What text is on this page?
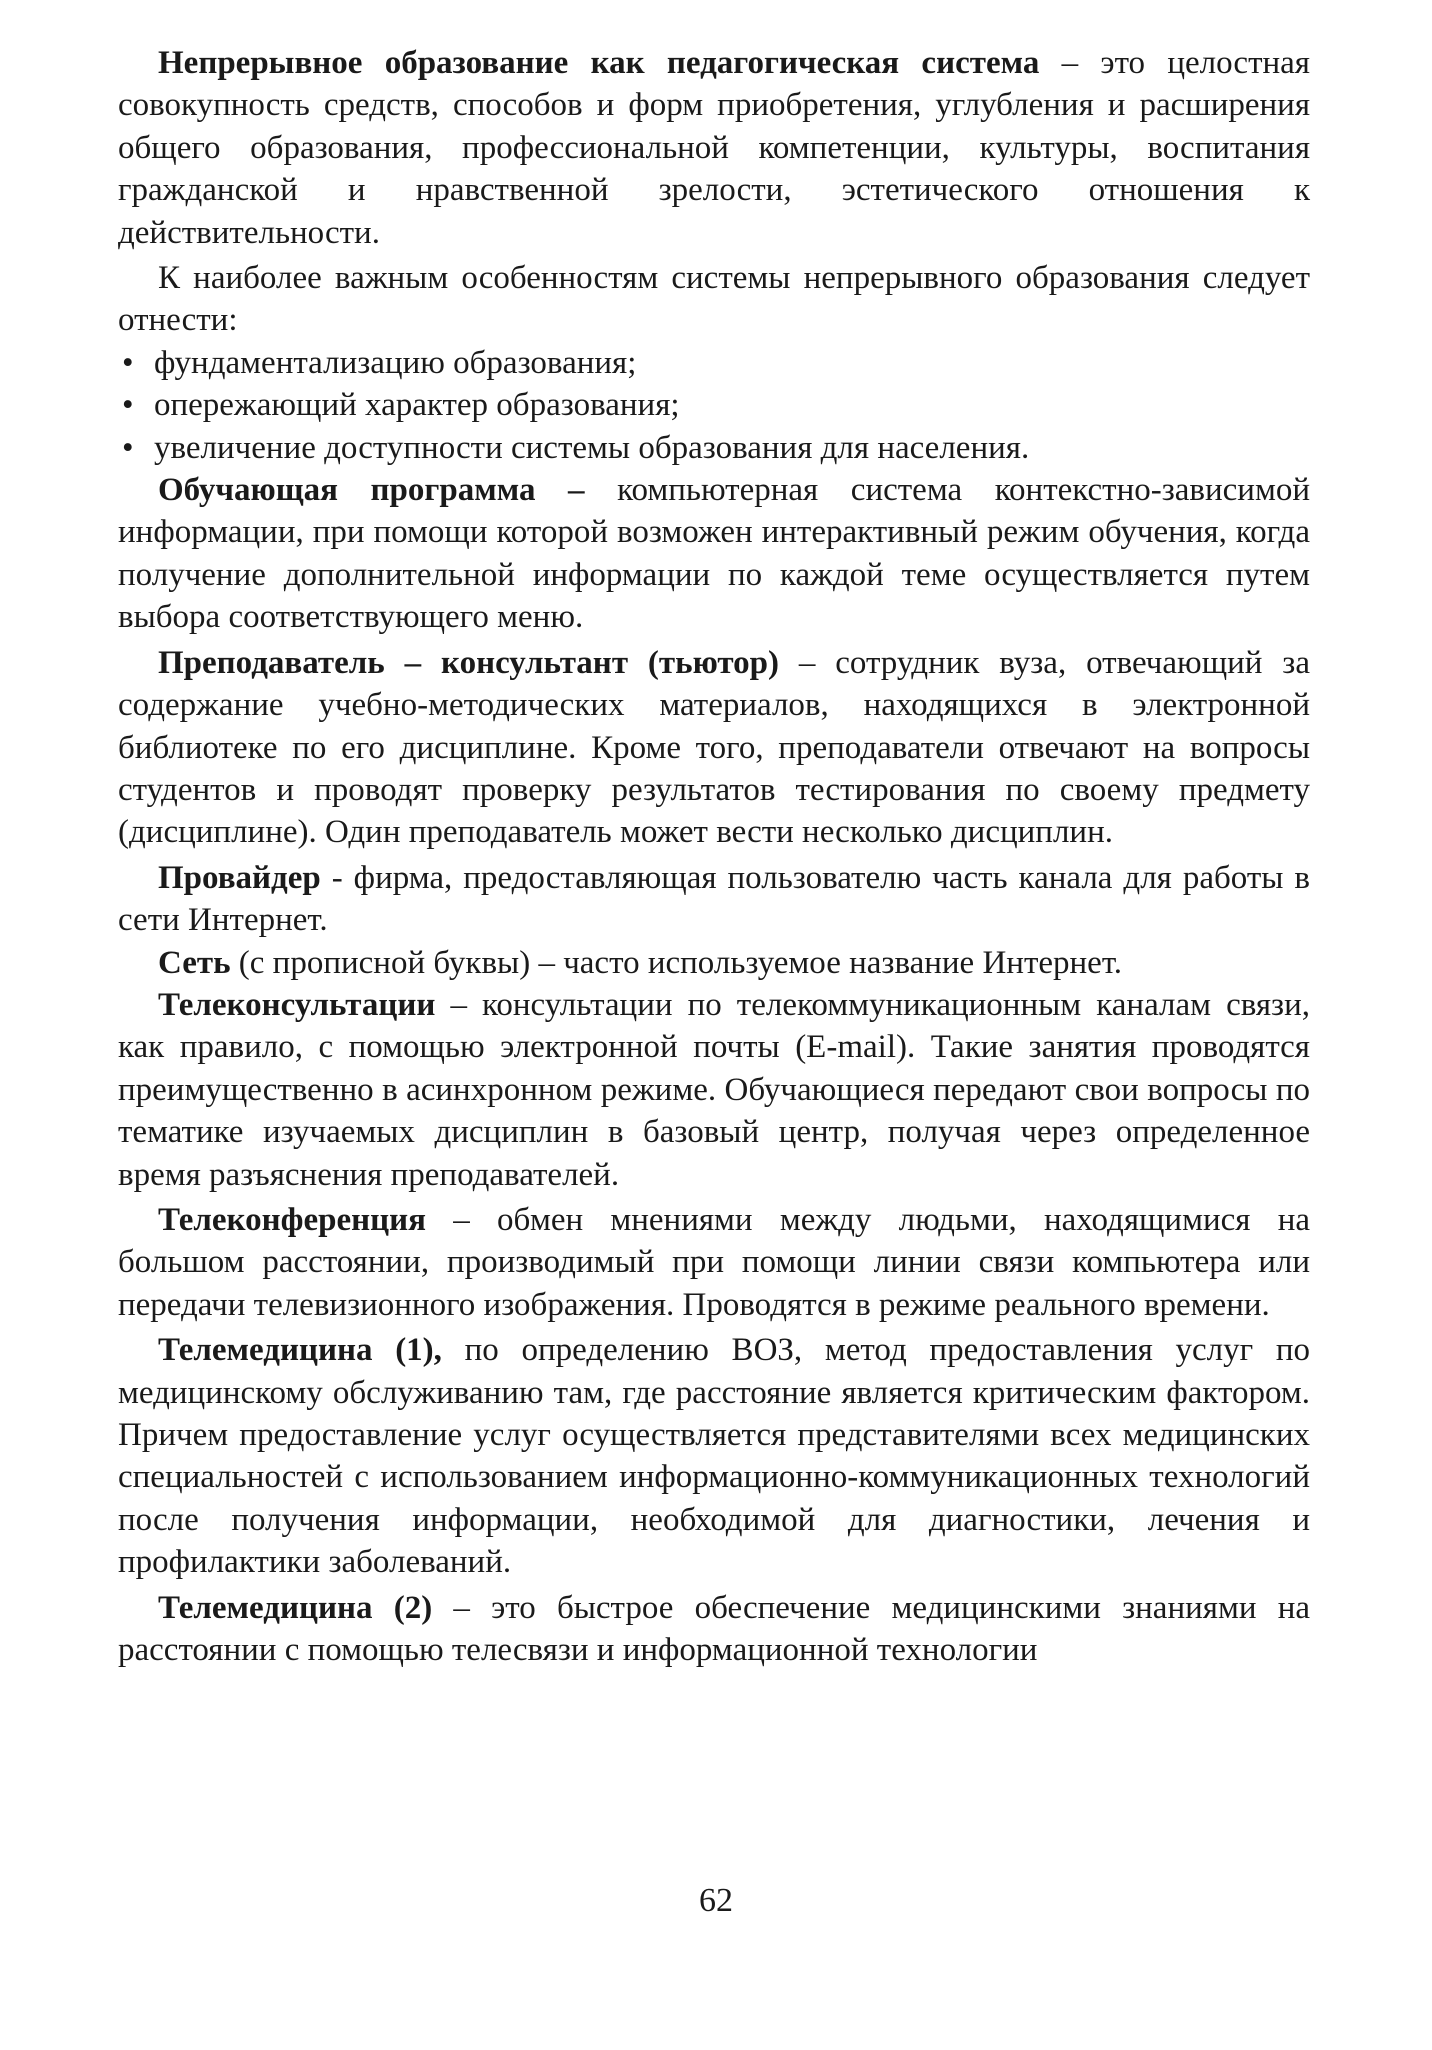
Непрерывное образование как педагогическая система – это целостная совокупность средств, способов и форм приобретения, углубления и расширения общего образования, профессиональной компетенции, культуры, воспитания гражданской и нравственной зрелости, эстетического отношения к действительности.

К наиболее важным особенностям системы непрерывного образования следует отнести:

• фундаментализацию образования;
• опережающий характер образования;
• увеличение доступности системы образования для населения.

Обучающая программа – компьютерная система контекстно-зависимой информации, при помощи которой возможен интерактивный режим обучения, когда получение дополнительной информации по каждой теме осуществляется путем выбора соответствующего меню.

Преподаватель – консультант (тьютор) – сотрудник вуза, отвечающий за содержание учебно-методических материалов, находящихся в электронной библиотеке по его дисциплине. Кроме того, преподаватели отвечают на вопросы студентов и проводят проверку результатов тестирования по своему предмету (дисциплине). Один преподаватель может вести несколько дисциплин.

Провайдер - фирма, предоставляющая пользователю часть канала для работы в сети Интернет.

Сеть (с прописной буквы) – часто используемое название Интернет.

Телеконсультации – консультации по телекоммуникационным каналам связи, как правило, с помощью электронной почты (E-mail). Такие занятия проводятся преимущественно в асинхронном режиме. Обучающиеся передают свои вопросы по тематике изучаемых дисциплин в базовый центр, получая через определенное время разъяснения преподавателей.

Телеконференция – обмен мнениями между людьми, находящимися на большом расстоянии, производимый при помощи линии связи компьютера или передачи телевизионного изображения. Проводятся в режиме реального времени.

Телемедицина (1), по определению ВОЗ, метод предоставления услуг по медицинскому обслуживанию там, где расстояние является критическим фактором. Причем предоставление услуг осуществляется представителями всех медицинских специальностей с использованием информационно-коммуникационных технологий после получения информации, необходимой для диагностики, лечения и профилактики заболеваний.

Телемедицина (2) – это быстрое обеспечение медицинскими знаниями на расстоянии с помощью телесвязи и информационной технологии

62
